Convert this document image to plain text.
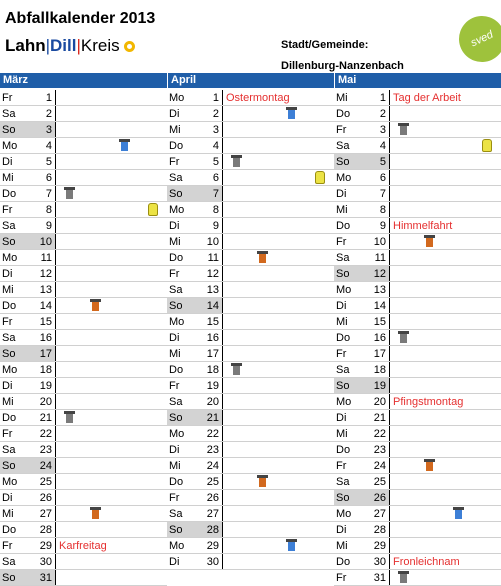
Abfallkalender 2013
Lahn|Dill|Kreis	sved
Stadt/Gemeinde:
Dillenburg-Nanzenbach
März	April	Mai
Fr	1
Sa	2
So	3
Mo	4
Di	5
Mi	6
Do	7
Fr	8
Sa	9
So 10
Mo 11
Di 12
Mi 13
Do 14
Fr 15
Sa 16
So 17
Mo 18
Di 19
Mi 20
Do 21
Fr 22
Sa 23
So 24
Mo 25
Di 26
Mi 27
Do 28
Fr 29 Karfreitag
Sa 30
So 31
Mo	1 Ostermontag
Di	2
Mi	3
Do	4
Fr	5
Sa	6
So	7
Mo	8
Di	9
Mi 10
Do 11
Fr 12
Sa 13
So 14
Mo 15
Di 16
Mi 17
Do 18
Fr 19
Sa 20
So 21
Mo 22
Di 23
Mi 24
Do 25
Fr 26
Sa 27
So 28
Mo 29
Di 30
Mi	1 Tag der Arbeit
Do	2
Fr	3
Sa	4
So	5
Mo	6
Di	7
Mi	8
Do	9 Himmelfahrt
Fr 10
Sa 11
So 12
Mo 13
Di 14
Mi 15
Do 16
Fr 17
Sa 18
So 19
Mo 20 Pfingstmontag
Di 21
Mi 22
Do 23
Fr 24
Sa 25
So 26
Mo 27
Di 28
Mi 29
Do 30 Fronleichnam
Fr 31
